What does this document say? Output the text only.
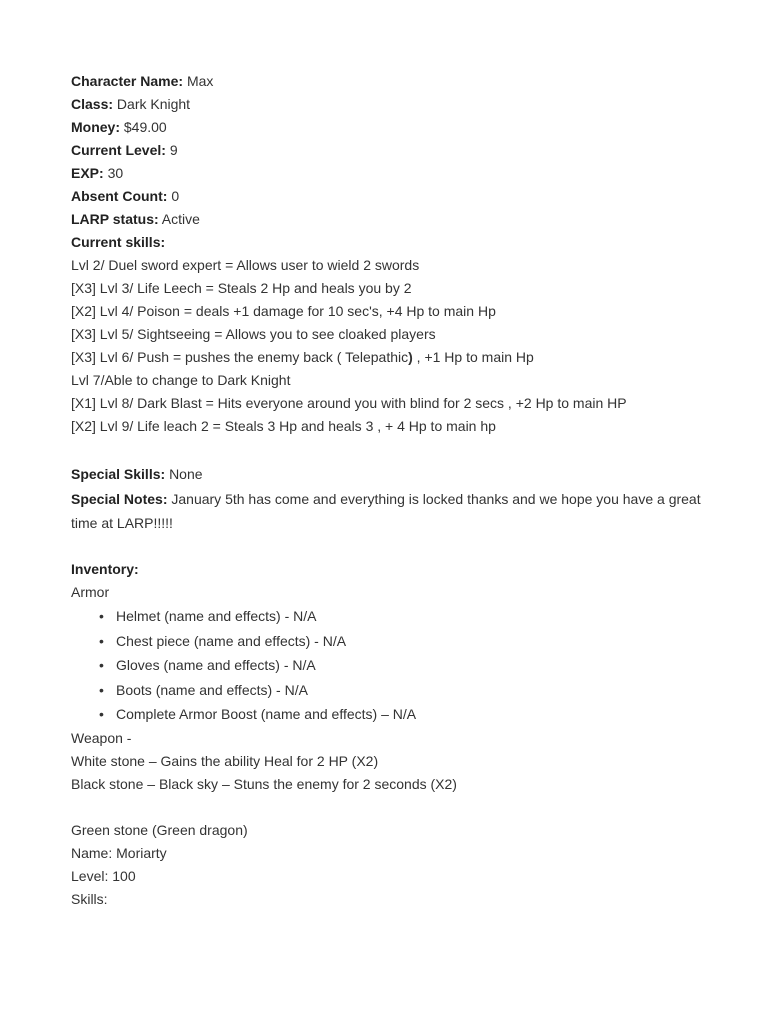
Character Name: Max
Class: Dark Knight
Money: $49.00
Current Level: 9
EXP: 30
Absent Count: 0
LARP status: Active
Current skills:
Lvl 2/ Duel sword expert = Allows user to wield 2 swords
[X3] Lvl 3/ Life Leech = Steals 2 Hp and heals you by 2
[X2] Lvl 4/ Poison = deals +1 damage for 10 sec's, +4 Hp to main Hp
[X3] Lvl 5/ Sightseeing = Allows you to see cloaked players
[X3] Lvl 6/ Push = pushes the enemy back ( Telepathic) , +1 Hp to main Hp
Lvl 7/Able to change to Dark Knight
[X1] Lvl 8/ Dark Blast = Hits everyone around you with blind for 2 secs , +2 Hp to main HP
[X2] Lvl 9/ Life leach 2 = Steals 3 Hp and heals 3 , + 4 Hp to main hp
Special Skills: None
Special Notes: January 5th has come and everything is locked thanks and we hope you have a great time at LARP!!!!!
Inventory:
Armor
• Helmet (name and effects) - N/A
• Chest piece (name and effects) - N/A
• Gloves (name and effects) - N/A
• Boots (name and effects) - N/A
• Complete Armor Boost (name and effects) – N/A
Weapon -
White stone – Gains the ability Heal for 2 HP (X2)
Black stone – Black sky – Stuns the enemy for 2 seconds (X2)
Green stone (Green dragon)
Name: Moriarty
Level: 100
Skills:
